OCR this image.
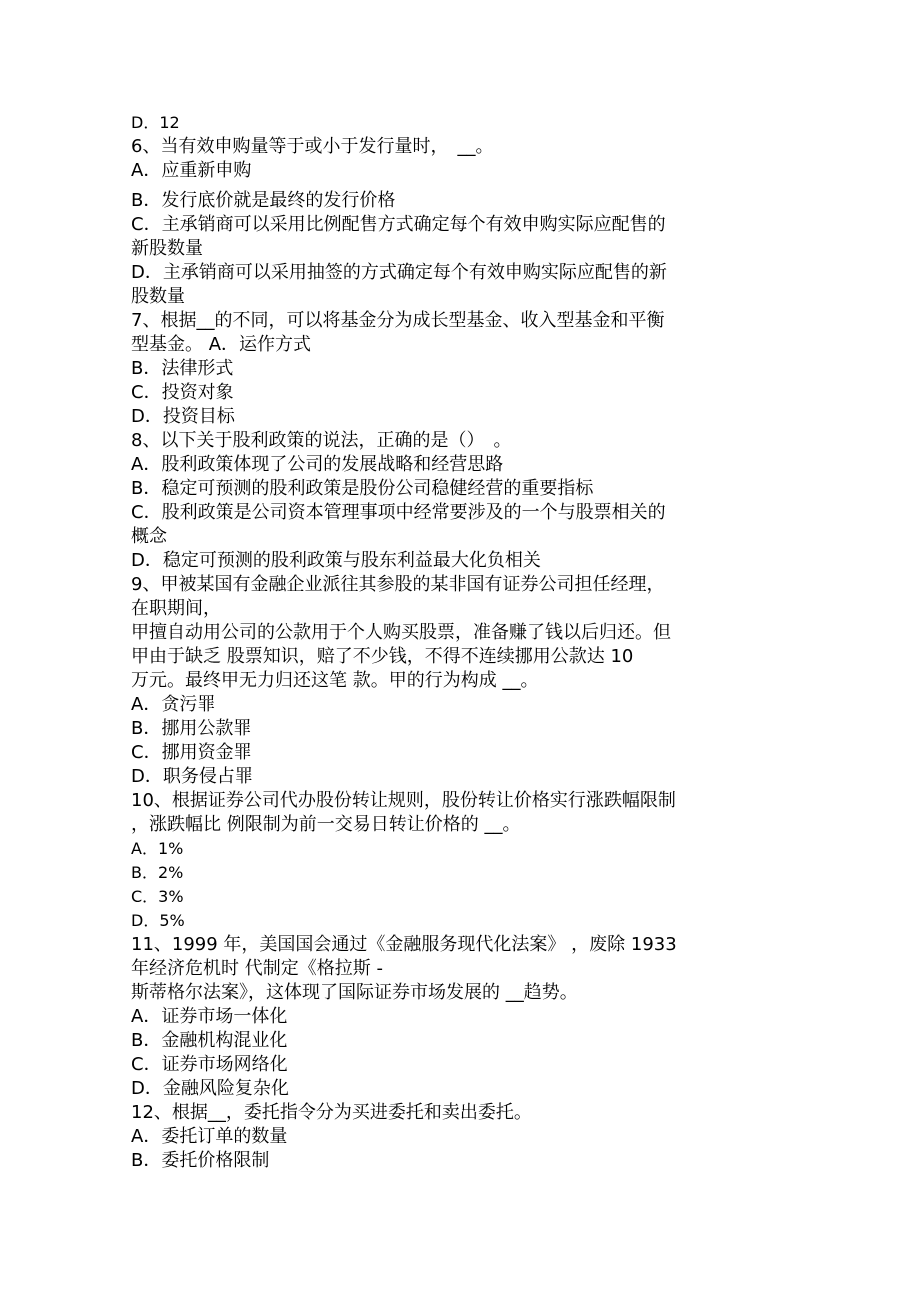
D．12
6、当有效申购量等于或小于发行量时，　__。
A．应重新申购
B．发行底价就是最终的发行价格
C．主承销商可以采用比例配售方式确定每个有效申购实际应配售的
新股数量
D．主承销商可以采用抽签的方式确定每个有效申购实际应配售的新
股数量
7、根据__的不同，可以将基金分为成长型基金、收入型基金和平衡
型基金。 A．运作方式
B．法律形式
C．投资对象
D．投资目标
8、以下关于股利政策的说法，正确的是（）　。
A．股利政策体现了公司的发展战略和经营思路
B．稳定可预测的股利政策是股份公司稳健经营的重要指标
C．股利政策是公司资本管理事项中经常要涉及的一个与股票相关的
概念
D．稳定可预测的股利政策与股东利益最大化负相关
9、甲被某国有金融企业派往其参股的某非国有证券公司担任经理，
在职期间，
甲擅自动用公司的公款用于个人购买股票，准备赚了钱以后归还。但
甲由于缺乏 股票知识，赔了不少钱，不得不连续挪用公款达 10
万元。最终甲无力归还这笔 款。甲的行为构成 __。
A．贪污罪
B．挪用公款罪
C．挪用资金罪
D．职务侵占罪
10、根据证券公司代办股份转让规则，股份转让价格实行涨跌幅限制
，涨跌幅比 例限制为前一交易日转让价格的 __。
A．1%
B．2%
C．3%
D．5%
11、1999 年，美国国会通过《金融服务现代化法案》 ，废除 1933
年经济危机时 代制定《格拉斯 -
斯蒂格尔法案》，这体现了国际证券市场发展的 __趋势。
A．证券市场一体化
B．金融机构混业化
C．证券市场网络化
D．金融风险复杂化
12、根据__，委托指令分为买进委托和卖出委托。
A．委托订单的数量
B．委托价格限制
